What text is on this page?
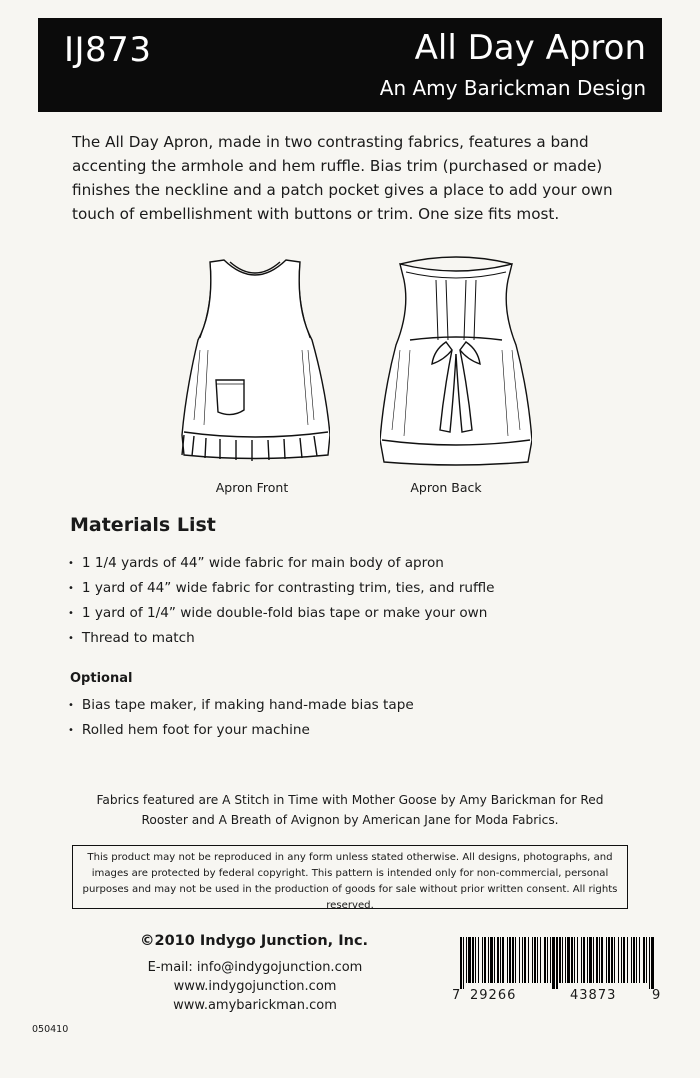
IJ873	All Day Apron
An Amy Barickman Design

The All Day Apron, made in two contrasting fabrics, features a band accenting the armhole and hem ruffle. Bias trim (purchased or made) finishes the neckline and a patch pocket gives a place to add your own touch of embellishment with buttons or trim. One size fits most.

Apron Front	Apron Back
Materials List
• 1 1/4 yards of 44” wide fabric for main body of apron
• 1 yard of 44” wide fabric for contrasting trim, ties, and ruffle
• 1 yard of 1/4” wide double-fold bias tape or make your own
• Thread to match
Optional
• Bias tape maker, if making hand-made bias tape
• Rolled hem foot for your machine

Fabrics featured are A Stitch in Time with Mother Goose by Amy Barickman for Red Rooster and A Breath of Avignon by American Jane for Moda Fabrics.

This product may not be reproduced in any form unless stated otherwise. All designs, photographs, and images are protected by federal copyright. This pattern is intended only for non-commercial, personal purposes and may not be used in the production of goods for sale without prior written consent. All rights reserved.

©2010 Indygo Junction, Inc.
E-mail: info@indygojunction.com
www.indygojunction.com
www.amybarickman.com
050410
7 29266	43873	9
